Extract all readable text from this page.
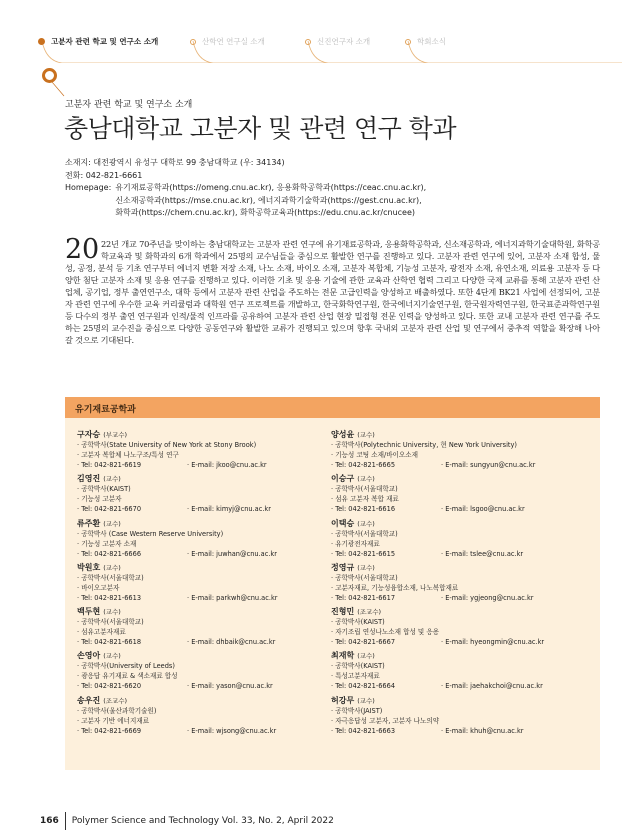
고분자 관련 학교 및 연구소 소개	산학연 연구실 소개	신진연구자 소개	학회소식
고분자 관련 학교 및 연구소 소개
충남대학교 고분자 및 관련 연구 학과
소재지: 대전광역시 유성구 대학로 99 충남대학교 (우: 34134)
전화: 042-821-6661
Homepage: 유기재료공학과(https://omeng.cnu.ac.kr), 응용화학공학과(https://ceac.cnu.ac.kr),
신소재공학과(https://mse.cnu.ac.kr), 에너지과학기술학과(https://gest.cnu.ac.kr),
화학과(https://chem.cnu.ac.kr), 화학공학교육과(https://edu.cnu.ac.kr/cnucee)
20 22년 개교 70주년을 맞이하는 충남대학교는 고분자 관련 연구에 유기재료공학과, 응용화학공학과, 신소재공학과, 에너지과학기술대학원, 화학공학교육과 및 화학과의 6개 학과에서 25명의 교수님들을 중심으로 활발한 연구를 진행하고 있다. 고분자 관련 연구에 있어, 고분자 소재 합성, 물성, 공정, 분석 등 기초 연구부터 에너지 변환 저장 소재, 나노 소재, 바이오 소재, 고분자 복합체, 기능성 고분자, 광전자 소재, 유연소재, 의료용 고분자 등 다양한 첨단 고분자 소재 및 응용 연구를 진행하고 있다. 이러한 기초 및 응용 기술에 관한 교육과 산학연 협력 그리고 다양한 국제 교류를 통해 고분자 관련 산업체, 공기업, 정부 출연연구소, 대학 등에서 고분자 관련 산업을 주도하는 전문 고급인력을 양성하고 배출하였다. 또한 4단계 BK21 사업에 선정되어, 고분자 관련 연구에 우수한 교육 커리큘럼과 대학원 연구 프로젝트를 개발하고, 한국화학연구원, 한국에너지기술연구원, 한국원자력연구원, 한국표준과학연구원 등 다수의 정부 출연 연구원과 인적/물적 인프라를 공유하여 고분자 관련 산업 현장 밀접형 전문 인력을 양성하고 있다. 또한 교내 고분자 관련 연구를 주도하는 25명의 교수진을 중심으로 다양한 공동연구와 활발한 교류가 진행되고 있으며 향후 국내외 고분자 관련 산업 및 연구에서 중추적 역할을 확장해 나아갈 것으로 기대된다.
유기재료공학과
구자승 (부교수)
· 공학박사(State University of New York at Stony Brook)
· 고분자 복합체 나노구조/특성 연구
· Tel: 042-821-6619	· E-mail: jkoo@cnu.ac.kr
김영진 (교수)
· 공학박사(KAIST)
· 기능성 고분자
· Tel: 042-821-6670	· E-mail: kimyj@cnu.ac.kr
류주환 (교수)
· 공학박사 (Case Western Reserve University)
· 기능성 고분자 소재
· Tel: 042-821-6666	· E-mail: juwhan@cnu.ac.kr
박원호 (교수)
· 공학박사(서울대학교)
· 바이오고분자
· Tel: 042-821-6613	· E-mail: parkwh@cnu.ac.kr
백두현 (교수)
· 공학박사(서울대학교)
· 섬유고분자재료
· Tel: 042-821-6618	· E-mail: dhbaik@cnu.ac.kr
손영아 (교수)
· 공학박사(University of Leeds)
· 광응답 유기재료 & 색소재료 합성
· Tel: 042-821-6620	· E-mail: yason@cnu.ac.kr
송우진 (조교수)
· 공학박사(울산과학기술원)
· 고분자 기반 에너지재료
· Tel: 042-821-6669	· E-mail: wjsong@cnu.ac.kr
양성윤 (교수)
· 공학박사(Polytechnic University, 현 New York University)
· 기능성 코팅 소재/바이오소재
· Tel: 042-821-6665	· E-mail: sungyun@cnu.ac.kr
이승구 (교수)
· 공학박사(서울대학교)
· 섬유 고분자 복합 재료
· Tel: 042-821-6616	· E-mail: lsgoo@cnu.ac.kr
이택승 (교수)
· 공학박사(서울대학교)
· 유기광전자재료
· Tel: 042-821-6615	· E-mail: tslee@cnu.ac.kr
정영규 (교수)
· 공학박사(서울대학교)
· 고분자재료, 기능성융합소재, 나노복합재료
· Tel: 042-821-6617	· E-mail: ygjeong@cnu.ac.kr
진형민 (조교수)
· 공학박사(KAIST)
· 자기조립 연성나노소재 합성 및 응용
· Tel: 042-821-6667	· E-mail: hyeongmin@cnu.ac.kr
최재학 (교수)
· 공학박사(KAIST)
· 특성고분자재료
· Tel: 042-821-6664	· E-mail: jaehakchoi@cnu.ac.kr
허강무 (교수)
· 공학박사(JAIST)
· 자극응답성 고분자, 고분자 나노의약
· Tel: 042-821-6663	· E-mail: khuh@cnu.ac.kr
166	Polymer Science and Technology Vol. 33, No. 2, April 2022
